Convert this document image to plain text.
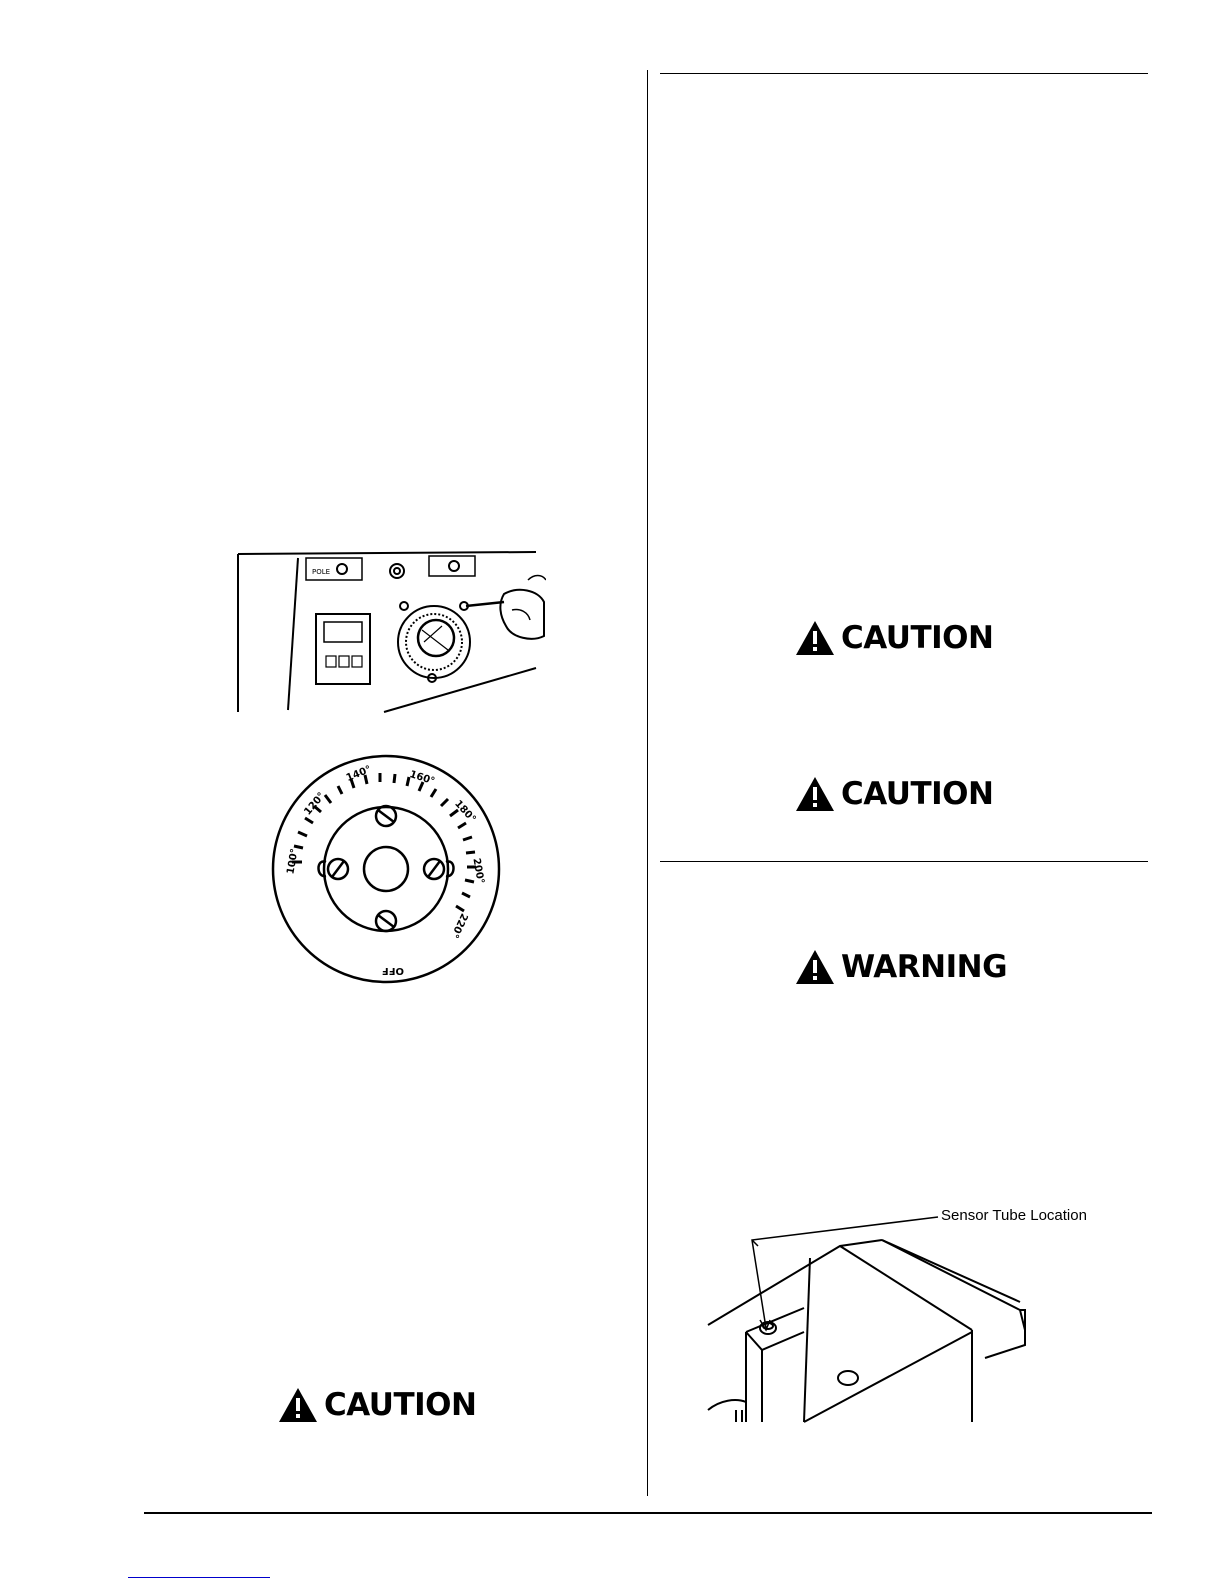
POLE
100°
120°
140°	160°
180°
200°
220°
OFF
CAUTION
CAUTION
CAUTION
WARNING
Sensor Tube Location
